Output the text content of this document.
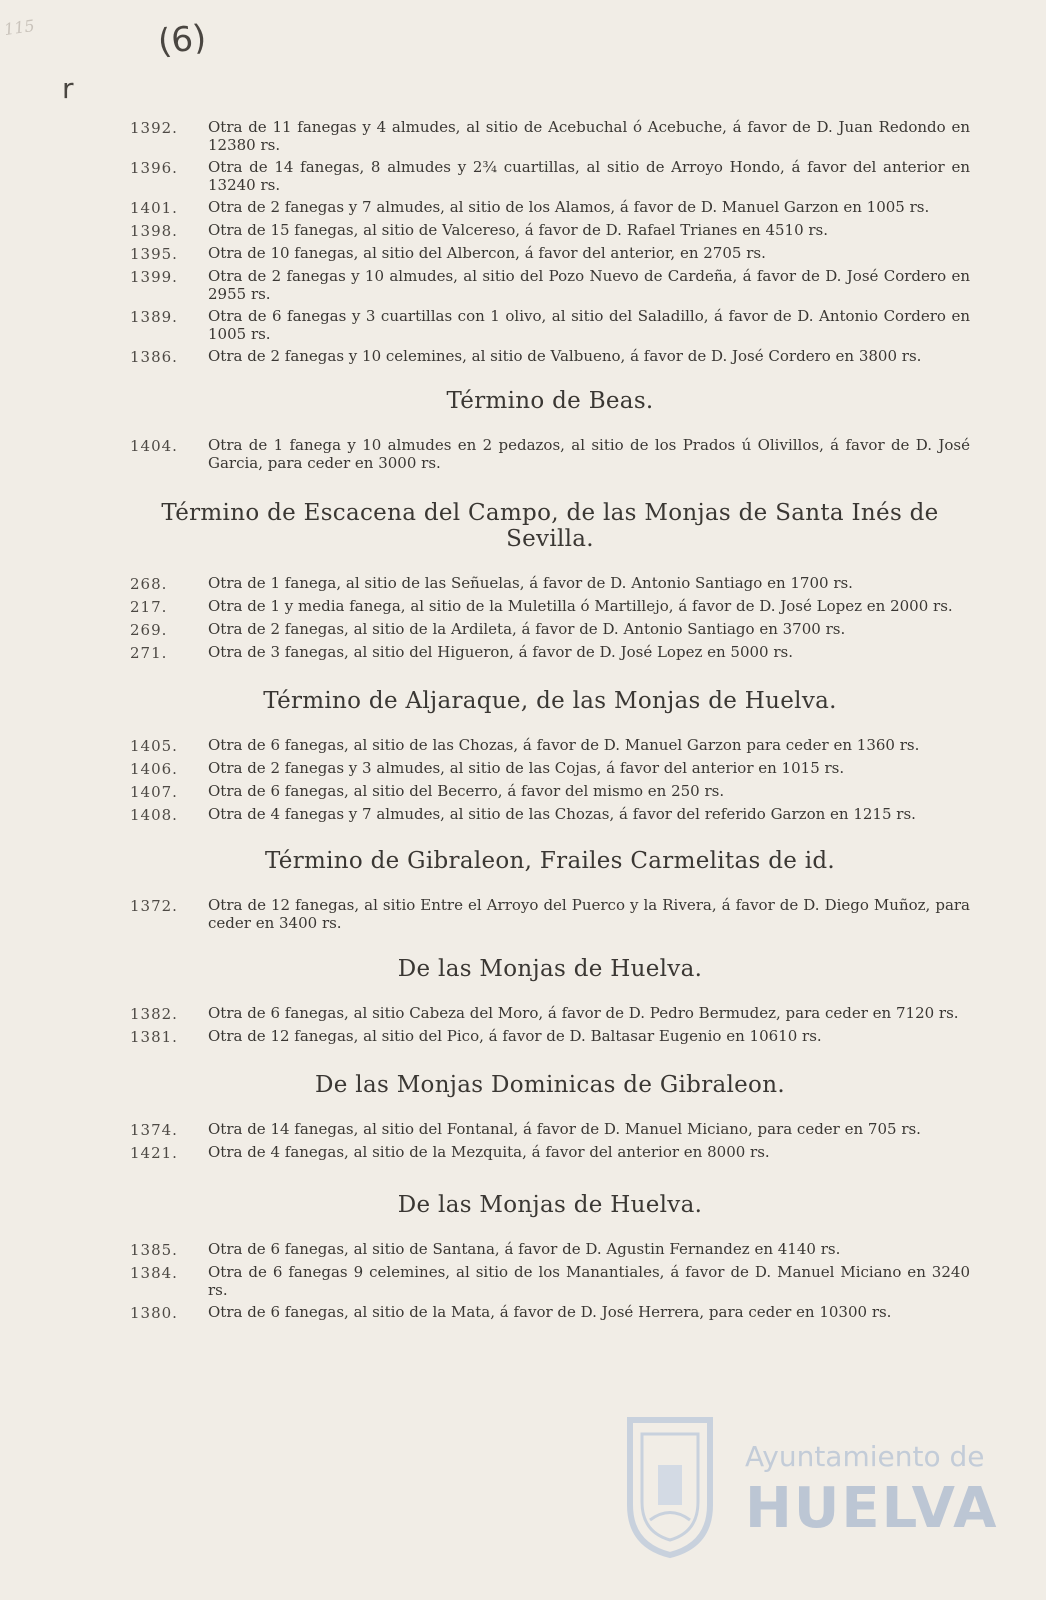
115	(6)
r
1392.	Otra de 11 fanegas y 4 almudes, al sitio de Acebuchal ó Acebuche, á favor de D. Juan Redondo en 12380 rs.
1396.	Otra de 14 fanegas, 8 almudes y 2¾ cuartillas, al sitio de Arroyo Hondo, á favor del anterior en 13240 rs.
1401.	Otra de 2 fanegas y 7 almudes, al sitio de los Alamos, á favor de D. Manuel Garzon en 1005 rs.
1398.	Otra de 15 fanegas, al sitio de Valcereso, á favor de D. Rafael Trianes en 4510 rs.
1395.	Otra de 10 fanegas, al sitio del Albercon, á favor del anterior, en 2705 rs.
1399.	Otra de 2 fanegas y 10 almudes, al sitio del Pozo Nuevo de Cardeña, á favor de D. José Cordero en 2955 rs.
1389.	Otra de 6 fanegas y 3 cuartillas con 1 olivo, al sitio del Saladillo, á favor de D. Antonio Cordero en 1005 rs.
1386.	Otra de 2 fanegas y 10 celemines, al sitio de Valbueno, á favor de D. José Cordero en 3800 rs.
Término de Beas.
1404.	Otra de 1 fanega y 10 almudes en 2 pedazos, al sitio de los Prados ú Olivillos, á favor de D. José Garcia, para ceder en 3000 rs.
Término de Escacena del Campo, de las Monjas de Santa Inés de Sevilla.
268.	Otra de 1 fanega, al sitio de las Señuelas, á favor de D. Antonio Santiago en 1700 rs.
217.	Otra de 1 y media fanega, al sitio de la Muletilla ó Martillejo, á favor de D. José Lopez en 2000 rs.
269.	Otra de 2 fanegas, al sitio de la Ardileta, á favor de D. Antonio Santiago en 3700 rs.
271.	Otra de 3 fanegas, al sitio del Higueron, á favor de D. José Lopez en 5000 rs.
Término de Aljaraque, de las Monjas de Huelva.
1405.	Otra de 6 fanegas, al sitio de las Chozas, á favor de D. Manuel Garzon para ceder en 1360 rs.
1406.	Otra de 2 fanegas y 3 almudes, al sitio de las Cojas, á favor del anterior en 1015 rs.
1407.	Otra de 6 fanegas, al sitio del Becerro, á favor del mismo en 250 rs.
1408.	Otra de 4 fanegas y 7 almudes, al sitio de las Chozas, á favor del referido Garzon en 1215 rs.
Término de Gibraleon, Frailes Carmelitas de id.
1372.	Otra de 12 fanegas, al sitio Entre el Arroyo del Puerco y la Rivera, á favor de D. Diego Muñoz, para ceder en 3400 rs.
De las Monjas de Huelva.
1382.	Otra de 6 fanegas, al sitio Cabeza del Moro, á favor de D. Pedro Bermudez, para ceder en 7120 rs.
1381.	Otra de 12 fanegas, al sitio del Pico, á favor de D. Baltasar Eugenio en 10610 rs.
De las Monjas Dominicas de Gibraleon.
1374.	Otra de 14 fanegas, al sitio del Fontanal, á favor de D. Manuel Miciano, para ceder en 705 rs.
1421.	Otra de 4 fanegas, al sitio de la Mezquita, á favor del anterior en 8000 rs.
De las Monjas de Huelva.
1385.	Otra de 6 fanegas, al sitio de Santana, á favor de D. Agustin Fernandez en 4140 rs.
1384.	Otra de 6 fanegas 9 celemines, al sitio de los Manantiales, á favor de D. Manuel Miciano en 3240 rs.
1380.	Otra de 6 fanegas, al sitio de la Mata, á favor de D. José Herrera, para ceder en 10300 rs.
Ayuntamiento de
HUELVA
